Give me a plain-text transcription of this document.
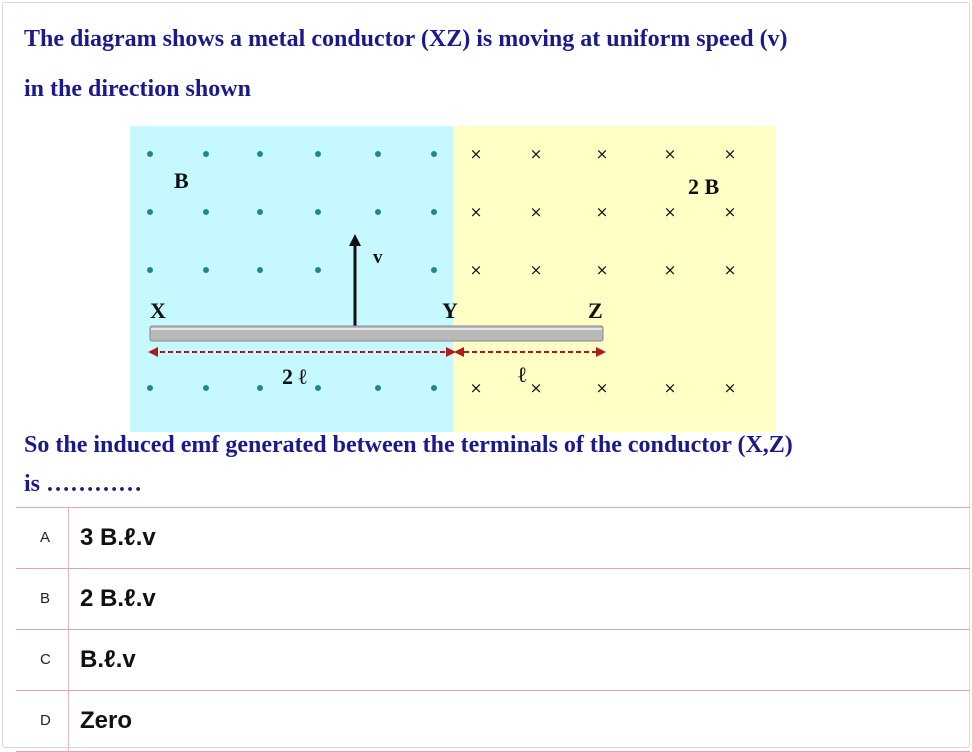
The diagram shows a metal conductor (XZ) is moving at uniform speed (v)
in the direction shown
×	×	×	×	×
×	×	×	×	×
×	×	×	×	×
×	×	×	×	×
B	2 B
v
X	Y	Z
2 ℓ	ℓ
So the induced emf generated between the terminals of the conductor (X,Z)
is …………
A 3 B.ℓ.v
B 2 B.ℓ.v
C B.ℓ.v
D Zero
